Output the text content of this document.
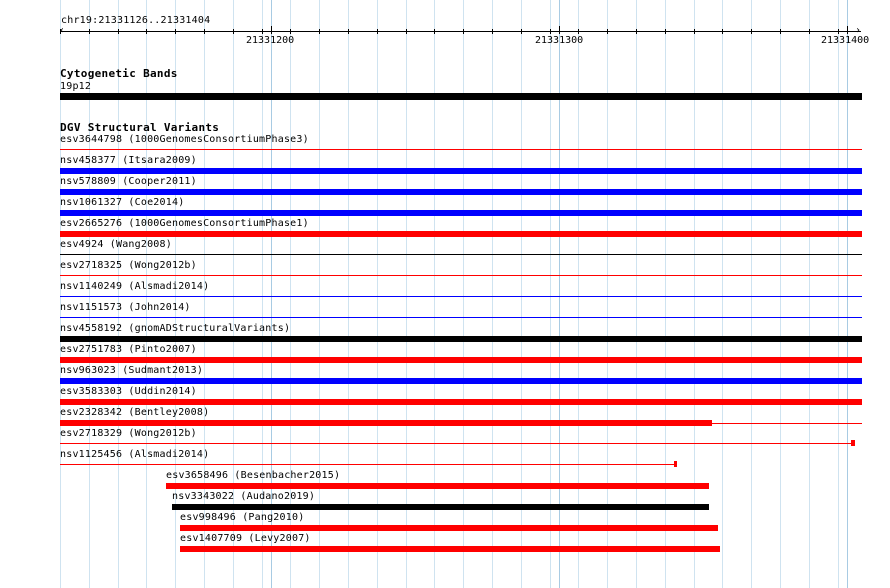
chr19:21331126..21331404
›
21331200	21331300	21331400
Cytogenetic Bands
19p12
DGV Structural Variants
esv3644798 (1000GenomesConsortiumPhase3)
nsv458377 (Itsara2009)
nsv578809 (Cooper2011)
nsv1061327 (Coe2014)
esv2665276 (1000GenomesConsortiumPhase1)
esv4924 (Wang2008)
esv2718325 (Wong2012b)
nsv1140249 (Alsmadi2014)
nsv1151573 (John2014)
nsv4558192 (gnomADStructuralVariants)
esv2751783 (Pinto2007)
nsv963023 (Sudmant2013)
esv3583303 (Uddin2014)
esv2328342 (Bentley2008)
esv2718329 (Wong2012b)
nsv1125456 (Alsmadi2014)
esv3658496 (Besenbacher2015)
nsv3343022 (Audano2019)
esv998496 (Pang2010)
esv1407709 (Levy2007)
